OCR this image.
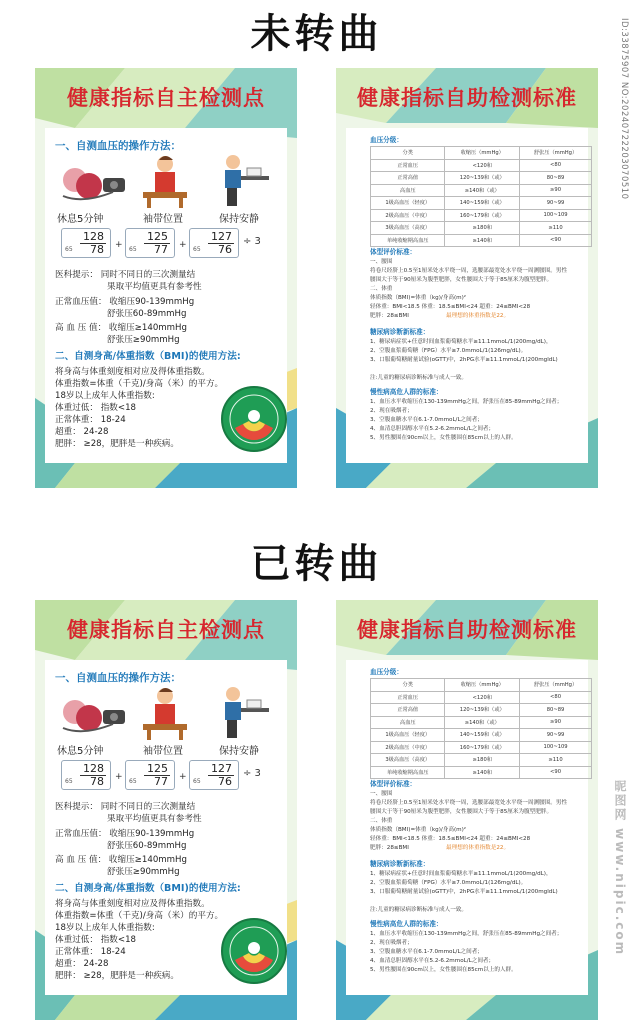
未转曲
已转曲
健康指标自主检测点
一、自测血压的操作方法：
休息5分钟	袖带位置	保持安静
128
78
65	+
125
77
65	+
127
76
65
÷ 3
医科提示： 同时不同日的三次测量结
果取平均值更具有参考性
正常血压值： 收缩压90-139mmHg
舒张压60-89mmHg
高 血 压 值： 收缩压≥140mmHg
舒张压≥90mmHg
二、自测身高/体重指数（BMI)的使用方法:
将身高与体重刻度相对应及得体重指数。
体重指数=体重（千克)/身高（米）的平方。
18岁以上成年人体重指数:
体重过低： 指数<18
正常体重： 18-24
超重： 24-28
肥胖： ≥28，肥胖是一种疾病。
健康指标自助检测标准
血压分级：
分类	收缩压（mmHg）	舒张压（mmHg）
正常血压	<120和	<80
正常高值	120~139和（或）	80~89
高血压	≥140和（或）	≥90
1级高血压（轻度）	140~159和（或）	90~99
2级高血压（中度）	160~179和（或）	100~109
3级高血压（高度）	≥180和	≥110
单纯收缩期高血压	≥140和	<90
体型评价标准：
一、腰围
将卷尺经脐上0.5至1厘米处水平绕一周，选腰部最宽处水平绕一周测腰围。男性
腰围大于等于90厘米为腹型肥胖，女性腰围大于等于85厘米为腹型肥胖。
二、体重
体质指数（BMI)=体重（kg)/身高(m)²
轻体重：BMI<18.5 体重：18.5≤BMI<24 超重：24≤BMI<28
肥胖：28≤BMI	最理想的体重指数是22。
糖尿病诊断新标准：
1、糖尿病症状+任意时间血浆葡萄糖水平≥11.1mmoL/1(200mg/dL)，
2、空腹血浆葡萄糖（FPG）水平≥7.0mmoL/1(126mg/dL)。
3、口服葡萄糖耐量试验(oGTT)中，2hPG水平≥11.1mmoL/1(200mgldL)
注:儿童的糖尿病诊断标准与成人一致。
慢性病高危人群的标准：
1、血压水平收缩压在130-139mmHg之间，舒张压在85-89mmHg之间者；
2、现在吸烟者；
3、空腹血糖水平在6.1-7.0mmoL/L之间者；
4、血清总胆固醇水平在5.2-6.2mmoL/L之间者；
5、男性腰围在90cm以上，女性腰围在85cm以上的人群。
健康指标自主检测点
一、自测血压的操作方法：
休息5分钟	袖带位置	保持安静
128
78
65	+
125
77
65	+
127
76
65
÷ 3
医科提示： 同时不同日的三次测量结
果取平均值更具有参考性
正常血压值： 收缩压90-139mmHg
舒张压60-89mmHg
高 血 压 值： 收缩压≥140mmHg
舒张压≥90mmHg
二、自测身高/体重指数（BMI)的使用方法:
将身高与体重刻度相对应及得体重指数。
体重指数=体重（千克)/身高（米）的平方。
18岁以上成年人体重指数:
体重过低： 指数<18
正常体重： 18-24
超重： 24-28
肥胖： ≥28，肥胖是一种疾病。
健康指标自助检测标准
血压分级：
分类	收缩压（mmHg）	舒张压（mmHg）
正常血压	<120和	<80
正常高值	120~139和（或）	80~89
高血压	≥140和（或）	≥90
1级高血压（轻度）	140~159和（或）	90~99
2级高血压（中度）	160~179和（或）	100~109
3级高血压（高度）	≥180和	≥110
单纯收缩期高血压	≥140和	<90
体型评价标准：
一、腰围
将卷尺经脐上0.5至1厘米处水平绕一周，选腰部最宽处水平绕一周测腰围。男性
腰围大于等于90厘米为腹型肥胖，女性腰围大于等于85厘米为腹型肥胖。
二、体重
体质指数（BMI)=体重（kg)/身高(m)²
轻体重：BMI<18.5 体重：18.5≤BMI<24 超重：24≤BMI<28
肥胖：28≤BMI	最理想的体重指数是22。
糖尿病诊断新标准：
1、糖尿病症状+任意时间血浆葡萄糖水平≥11.1mmoL/1(200mg/dL)，
2、空腹血浆葡萄糖（FPG）水平≥7.0mmoL/1(126mg/dL)。
3、口服葡萄糖耐量试验(oGTT)中，2hPG水平≥11.1mmoL/1(200mgldL)
注:儿童的糖尿病诊断标准与成人一致。
慢性病高危人群的标准：
1、血压水平收缩压在130-139mmHg之间，舒张压在85-89mmHg之间者；
2、现在吸烟者；
3、空腹血糖水平在6.1-7.0mmoL/L之间者；
4、血清总胆固醇水平在5.2-6.2mmoL/L之间者；
5、男性腰围在90cm以上，女性腰围在85cm以上的人群。
ID:33875907 NO:20240722203070510
昵图网 www.nipic.com
